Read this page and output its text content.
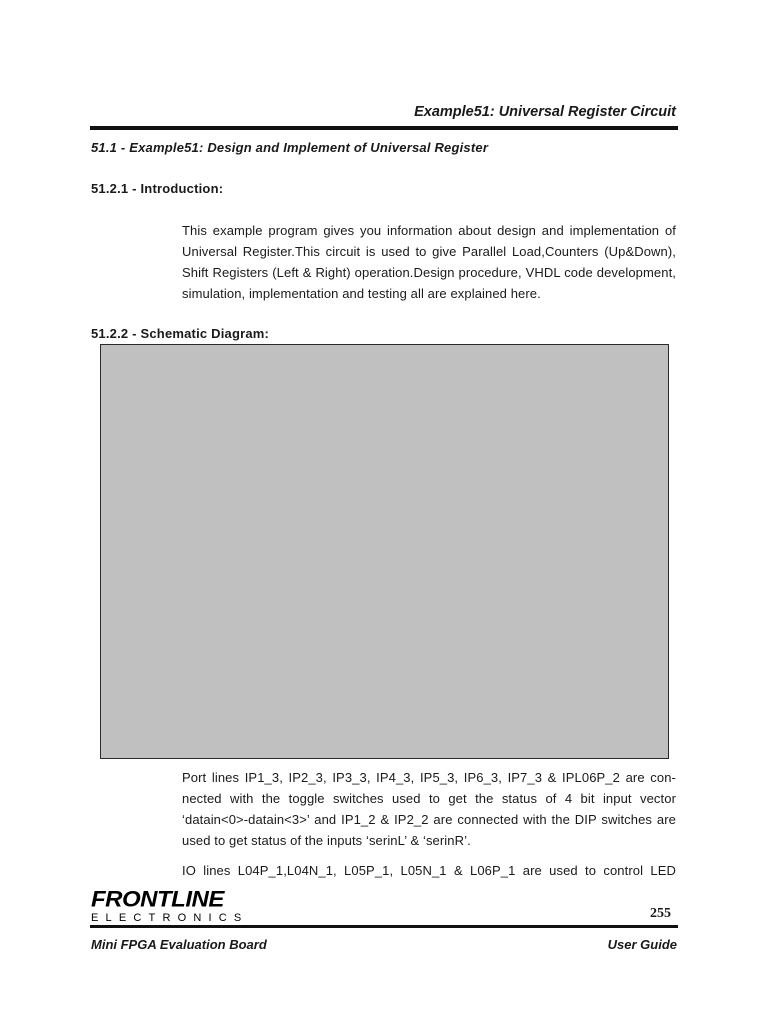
Example51: Universal Register Circuit
51.1 - Example51: Design and Implement of Universal Register
51.2.1 - Introduction:
This example program gives you information about design and implementation of Universal Register.This circuit is used to give Parallel Load,Counters (Up&Down), Shift Registers (Left & Right) operation.Design procedure, VHDL code development, simulation, implementation and testing all are explained here.
51.2.2 - Schematic Diagram:
Port lines IP1_3, IP2_3, IP3_3, IP4_3, IP5_3, IP6_3, IP7_3 & IPL06P_2 are con-nected with the toggle switches used to get the status of 4 bit input vector ‘datain<0>-datain<3>’ and IP1_2 & IP2_2 are connected with the DIP switches are used to get status of the inputs ‘serinL’ & ‘serinR’.
IO lines L04P_1,L04N_1, L05P_1, L05N_1 & L06P_1 are used to control LED
FRONTLINE
ELECTRONICS	255
Mini FPGA Evaluation Board	User Guide
